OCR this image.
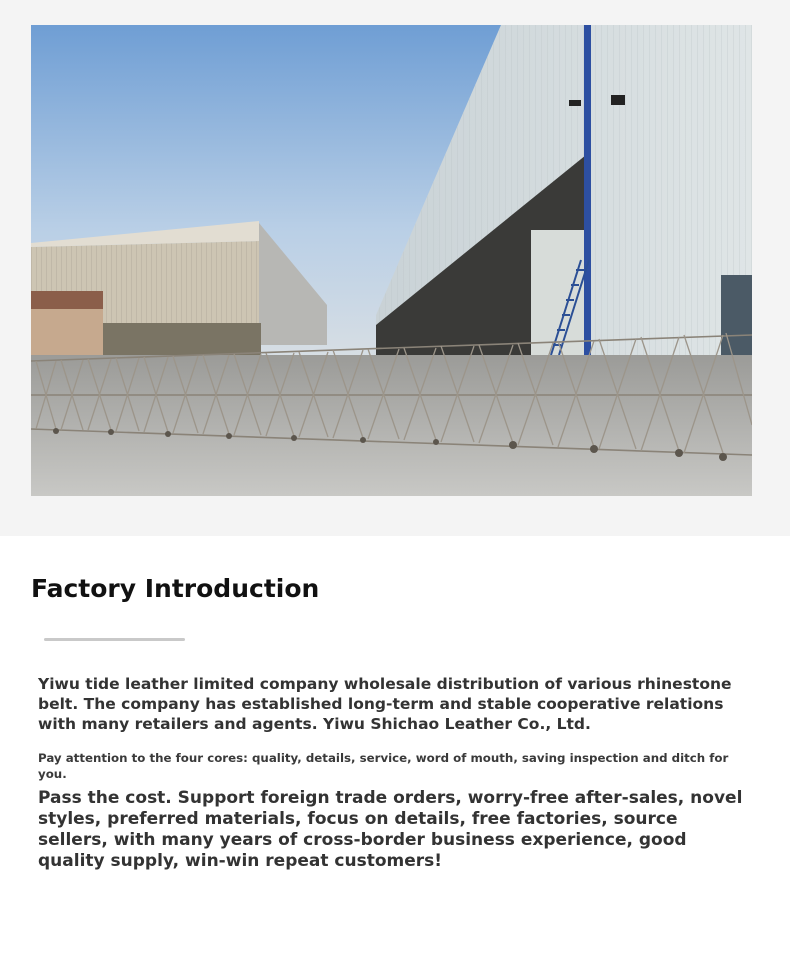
Factory Introduction

Yiwu tide leather limited company wholesale distribution of various rhinestone belt. The company has established long-term and stable cooperative relations with many retailers and agents. Yiwu Shichao Leather Co., Ltd.

Pay attention to the four cores: quality, details, service, word of mouth, saving inspection and ditch for you.

Pass the cost. Support foreign trade orders, worry-free after-sales, novel styles, preferred materials, focus on details, free factories, source sellers, with many years of cross-border business experience, good quality supply, win-win repeat customers!
